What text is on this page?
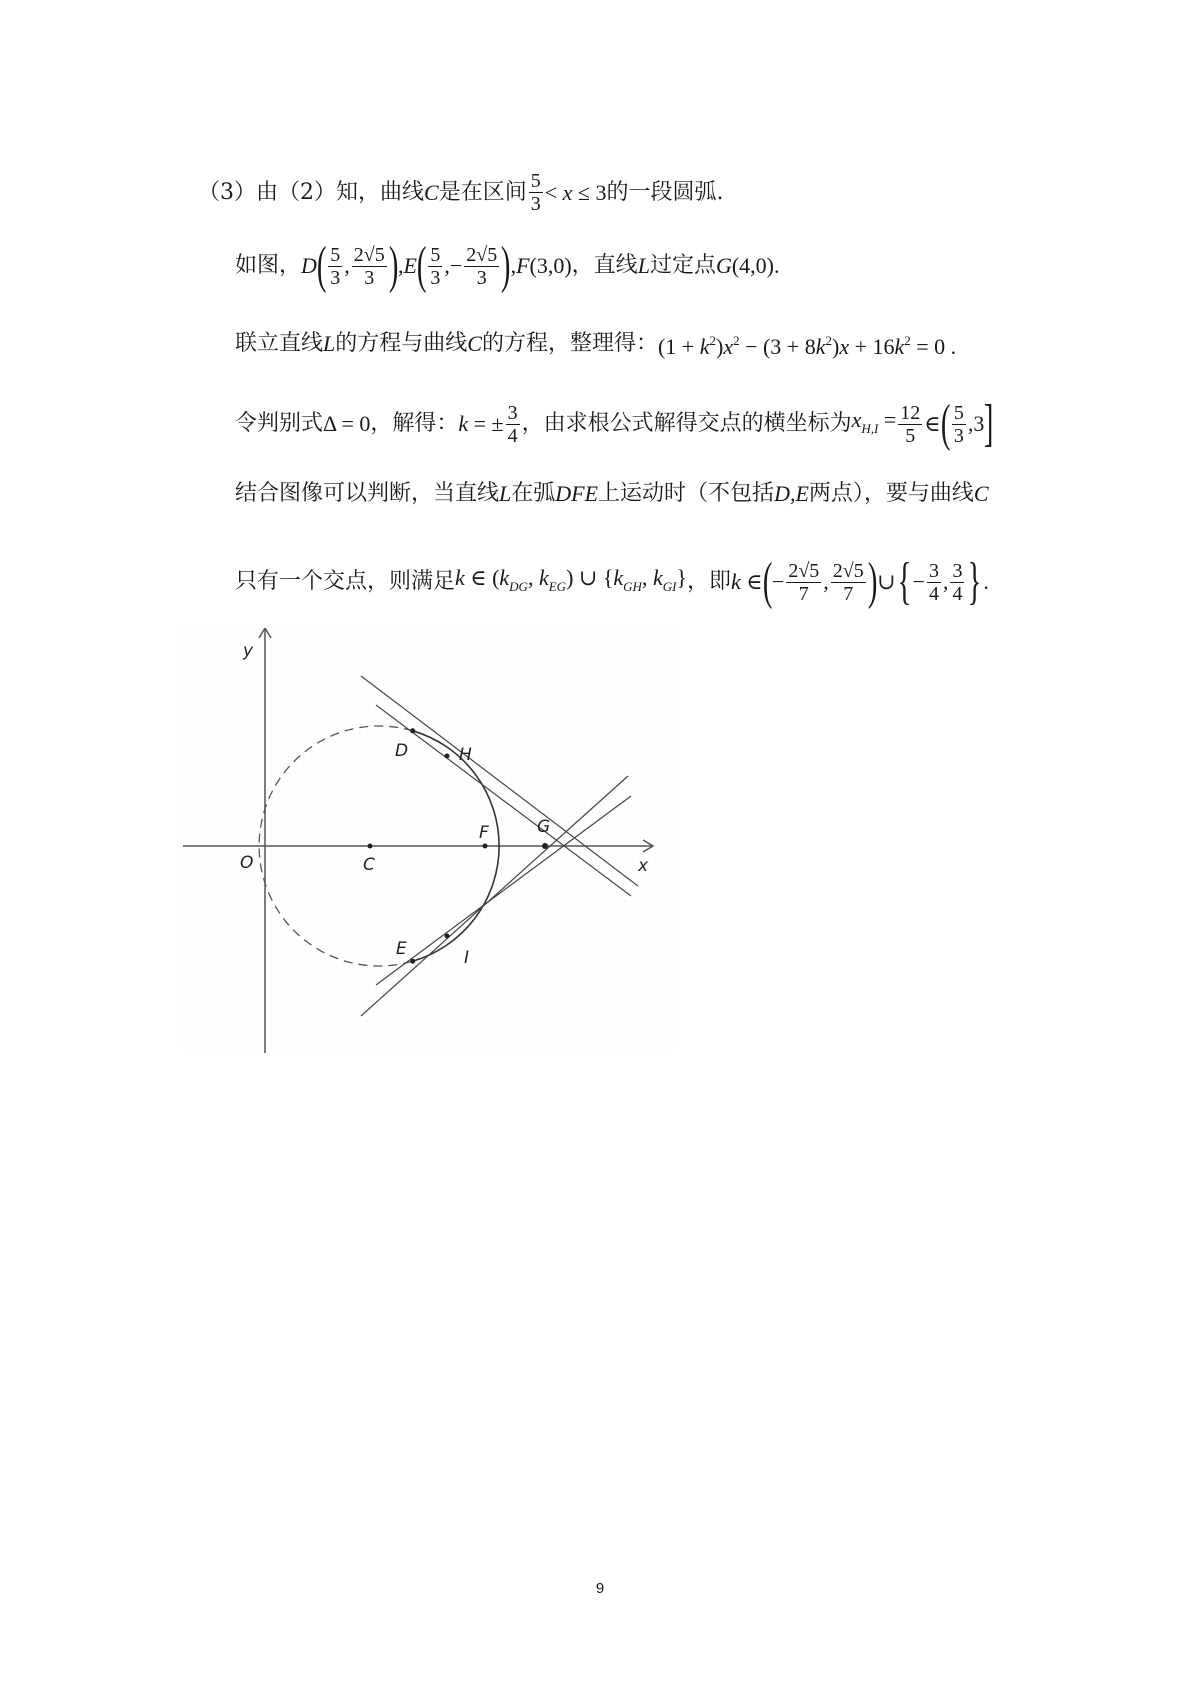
（3）由（2）知，曲线 C 是在区间 $\frac{5}{3} < x \le 3$ 的一段圆弧.
如图， D ( $\frac{5}{3}$ , $\frac{2√5}{3}$ ) , E ( $\frac{5}{3}$ ,− $\frac{2√5}{3}$ ) , F (3,0) ，直线 L 过定点 G (4,0).
联立直线 L 的方程与曲线 C 的方程，整理得： $(1 + k^2)x^2 - (3 + 8k^2)x + 16k^2 = 0$ .
令判别式 Δ = 0 ，解得： k = ± $\frac{3}{4}$ ，由求根公式解得交点的横坐标为 $x_{H,I} = \frac{12}{5}$ ∈ ( $\frac{5}{3} ,3$ ]
结合图像可以判断，当直线 L 在弧 DFE 上运动时（不包括 D,E 两点），要与曲线 C
只有一个交点，则满足 k ∈ ($k_{DG}$, $k_{EG}$) ∪ {$k_{GH}$, $k_{GI}$} ，即 k ∈ ( − $\frac{2√5}{7}$ , $\frac{2√5}{7}$ ) ∪ { − $\frac{3}{4}$ , $\frac{3}{4}$ } .
y
x
O	C
D	H
F	G
E	I
9
